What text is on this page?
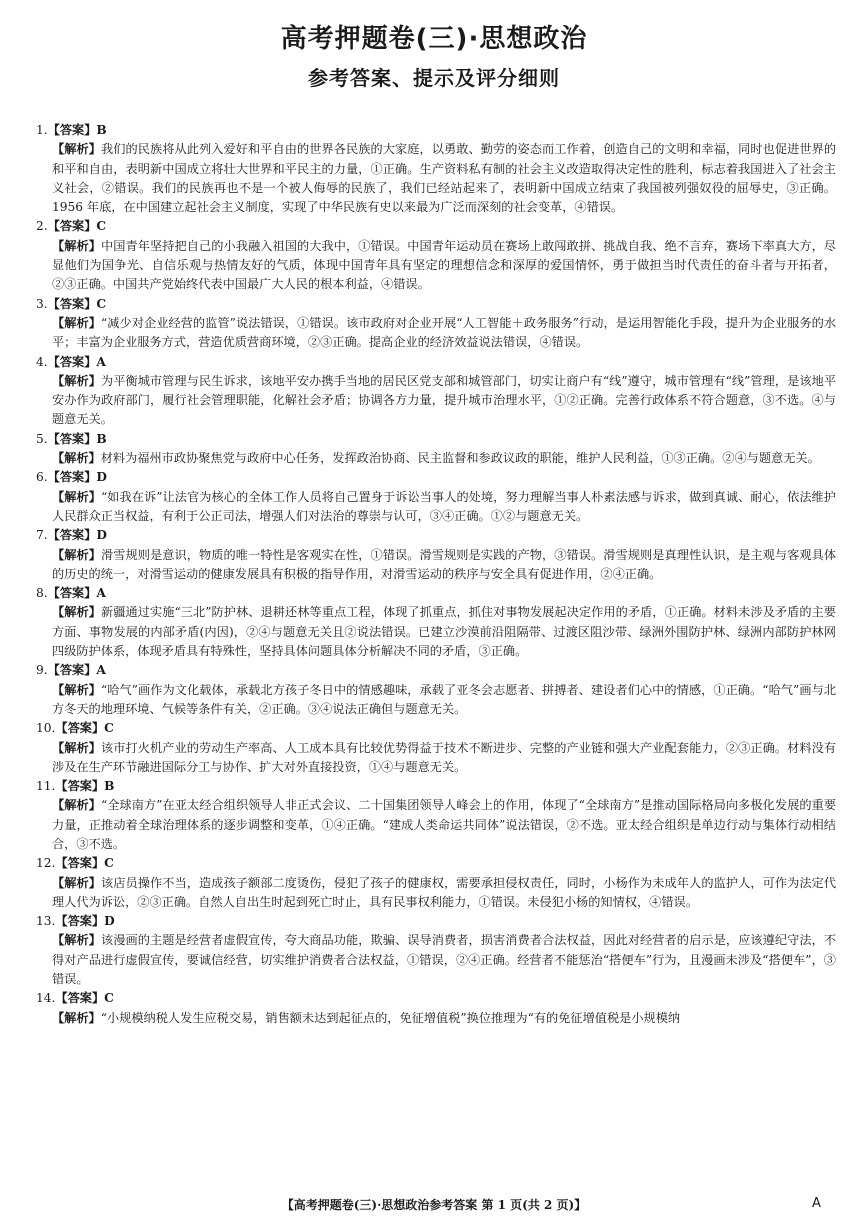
高考押题卷(三)·思想政治
参考答案、提示及评分细则
1.【答案】B
【解析】我们的民族将从此列入爱好和平自由的世界各民族的大家庭，以勇敢、勤劳的姿态而工作着，创造自己的文明和幸福，同时也促进世界的和平和自由，表明新中国成立将壮大世界和平民主的力量，①正确。生产资料私有制的社会主义改造取得决定性的胜利，标志着我国进入了社会主义社会，②错误。我们的民族再也不是一个被人侮辱的民族了，我们已经站起来了，表明新中国成立结束了我国被列强奴役的屈辱史，③正确。1956 年底，在中国建立起社会主义制度，实现了中华民族有史以来最为广泛而深刻的社会变革，④错误。
2.【答案】C
【解析】中国青年坚持把自己的小我融入祖国的大我中，①错误。中国青年运动员在赛场上敢闯敢拼、挑战自我、绝不言弃，赛场下率真大方，尽显他们为国争光、自信乐观与热情友好的气质，体现中国青年具有坚定的理想信念和深厚的爱国情怀，勇于做担当时代责任的奋斗者与开拓者，②③正确。中国共产党始终代表中国最广大人民的根本利益，④错误。
3.【答案】C
【解析】“减少对企业经营的监管”说法错误，①错误。该市政府对企业开展“人工智能＋政务服务”行动，是运用智能化手段，提升为企业服务的水平；丰富为企业服务方式，营造优质营商环境，②③正确。提高企业的经济效益说法错误，④错误。
4.【答案】A
【解析】为平衡城市管理与民生诉求，该地平安办携手当地的居民区党支部和城管部门，切实让商户有“线”遵守，城市管理有“线”管理，是该地平安办作为政府部门，履行社会管理职能，化解社会矛盾；协调各方力量，提升城市治理水平，①②正确。完善行政体系不符合题意，③不选。④与题意无关。
5.【答案】B
【解析】材料为福州市政协聚焦党与政府中心任务，发挥政治协商、民主监督和参政议政的职能，维护人民利益，①③正确。②④与题意无关。
6.【答案】D
【解析】“如我在诉”让法官为核心的全体工作人员将自己置身于诉讼当事人的处境，努力理解当事人朴素法感与诉求，做到真诚、耐心，依法维护人民群众正当权益，有利于公正司法，增强人们对法治的尊崇与认可，③④正确。①②与题意无关。
7.【答案】D
【解析】滑雪规则是意识，物质的唯一特性是客观实在性，①错误。滑雪规则是实践的产物，③错误。滑雪规则是真理性认识，是主观与客观具体的历史的统一，对滑雪运动的健康发展具有积极的指导作用，对滑雪运动的秩序与安全具有促进作用，②④正确。
8.【答案】A
【解析】新疆通过实施“三北”防护林、退耕还林等重点工程，体现了抓重点，抓住对事物发展起决定作用的矛盾，①正确。材料未涉及矛盾的主要方面、事物发展的内部矛盾(内因)，②④与题意无关且②说法错误。已建立沙漠前沿阻隔带、过渡区阻沙带、绿洲外围防护林、绿洲内部防护林网四级防护体系，体现矛盾具有特殊性，坚持具体问题具体分析解决不同的矛盾，③正确。
9.【答案】A
【解析】“哈气”画作为文化载体，承载北方孩子冬日中的情感趣味，承载了亚冬会志愿者、拼搏者、建设者们心中的情感，①正确。“哈气”画与北方冬天的地理环境、气候等条件有关，②正确。③④说法正确但与题意无关。
10.【答案】C
【解析】该市打火机产业的劳动生产率高、人工成本具有比较优势得益于技术不断进步、完整的产业链和强大产业配套能力，②③正确。材料没有涉及在生产环节融进国际分工与协作、扩大对外直接投资，①④与题意无关。
11.【答案】B
【解析】“全球南方”在亚太经合组织领导人非正式会议、二十国集团领导人峰会上的作用，体现了“全球南方”是推动国际格局向多极化发展的重要力量，正推动着全球治理体系的逐步调整和变革，①④正确。“建成人类命运共同体”说法错误，②不选。亚太经合组织是单边行动与集体行动相结合，③不选。
12.【答案】C
【解析】该店员操作不当，造成孩子额部二度烫伤，侵犯了孩子的健康权，需要承担侵权责任，同时，小杨作为未成年人的监护人，可作为法定代理人代为诉讼，②③正确。自然人自出生时起到死亡时止，具有民事权利能力，①错误。未侵犯小杨的知情权，④错误。
13.【答案】D
【解析】该漫画的主题是经营者虚假宣传，夸大商品功能，欺骗、误导消费者，损害消费者合法权益，因此对经营者的启示是，应该遵纪守法，不得对产品进行虚假宣传，要诚信经营，切实维护消费者合法权益，①错误，②④正确。经营者不能惩治“搭便车”行为，且漫画未涉及“搭便车”，③错误。
14.【答案】C
【解析】“小规模纳税人发生应税交易，销售额未达到起征点的，免征增值税”换位推理为“有的免征增值税是小规模纳
【高考押题卷(三)·思想政治参考答案 第 1 页(共 2 页)】	A
